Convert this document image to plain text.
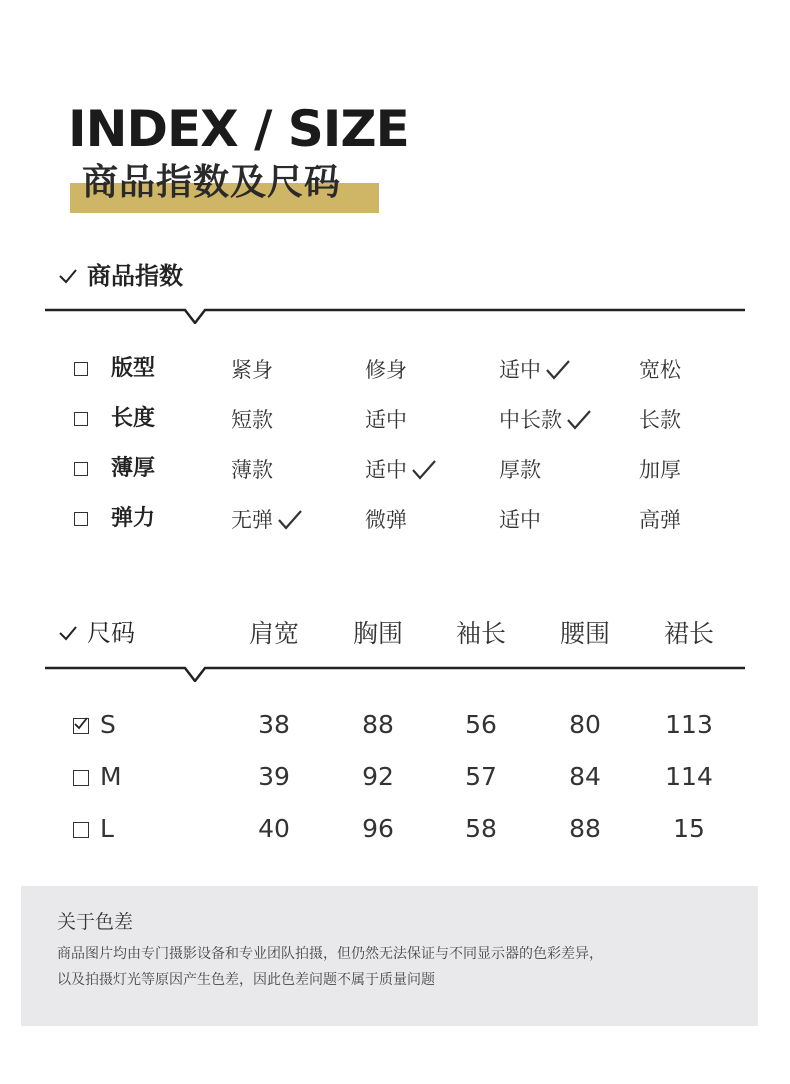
INDEX / SIZE
商品指数及尺码
商品指数
版型	紧身	修身	适中	宽松
长度	短款	适中	中长款	长款
薄厚	薄款	适中	厚款	加厚
弹力	无弹	微弹	适中	高弹
尺码	肩宽	胸围	袖长	腰围	裙长
S	38	88	56	80	113
M	39	92	57	84	114
L	40	96	58	88	15
关于色差
商品图片均由专门摄影设备和专业团队拍摄，但仍然无法保证与不同显示器的色彩差异，
以及拍摄灯光等原因产生色差，因此色差问题不属于质量问题
